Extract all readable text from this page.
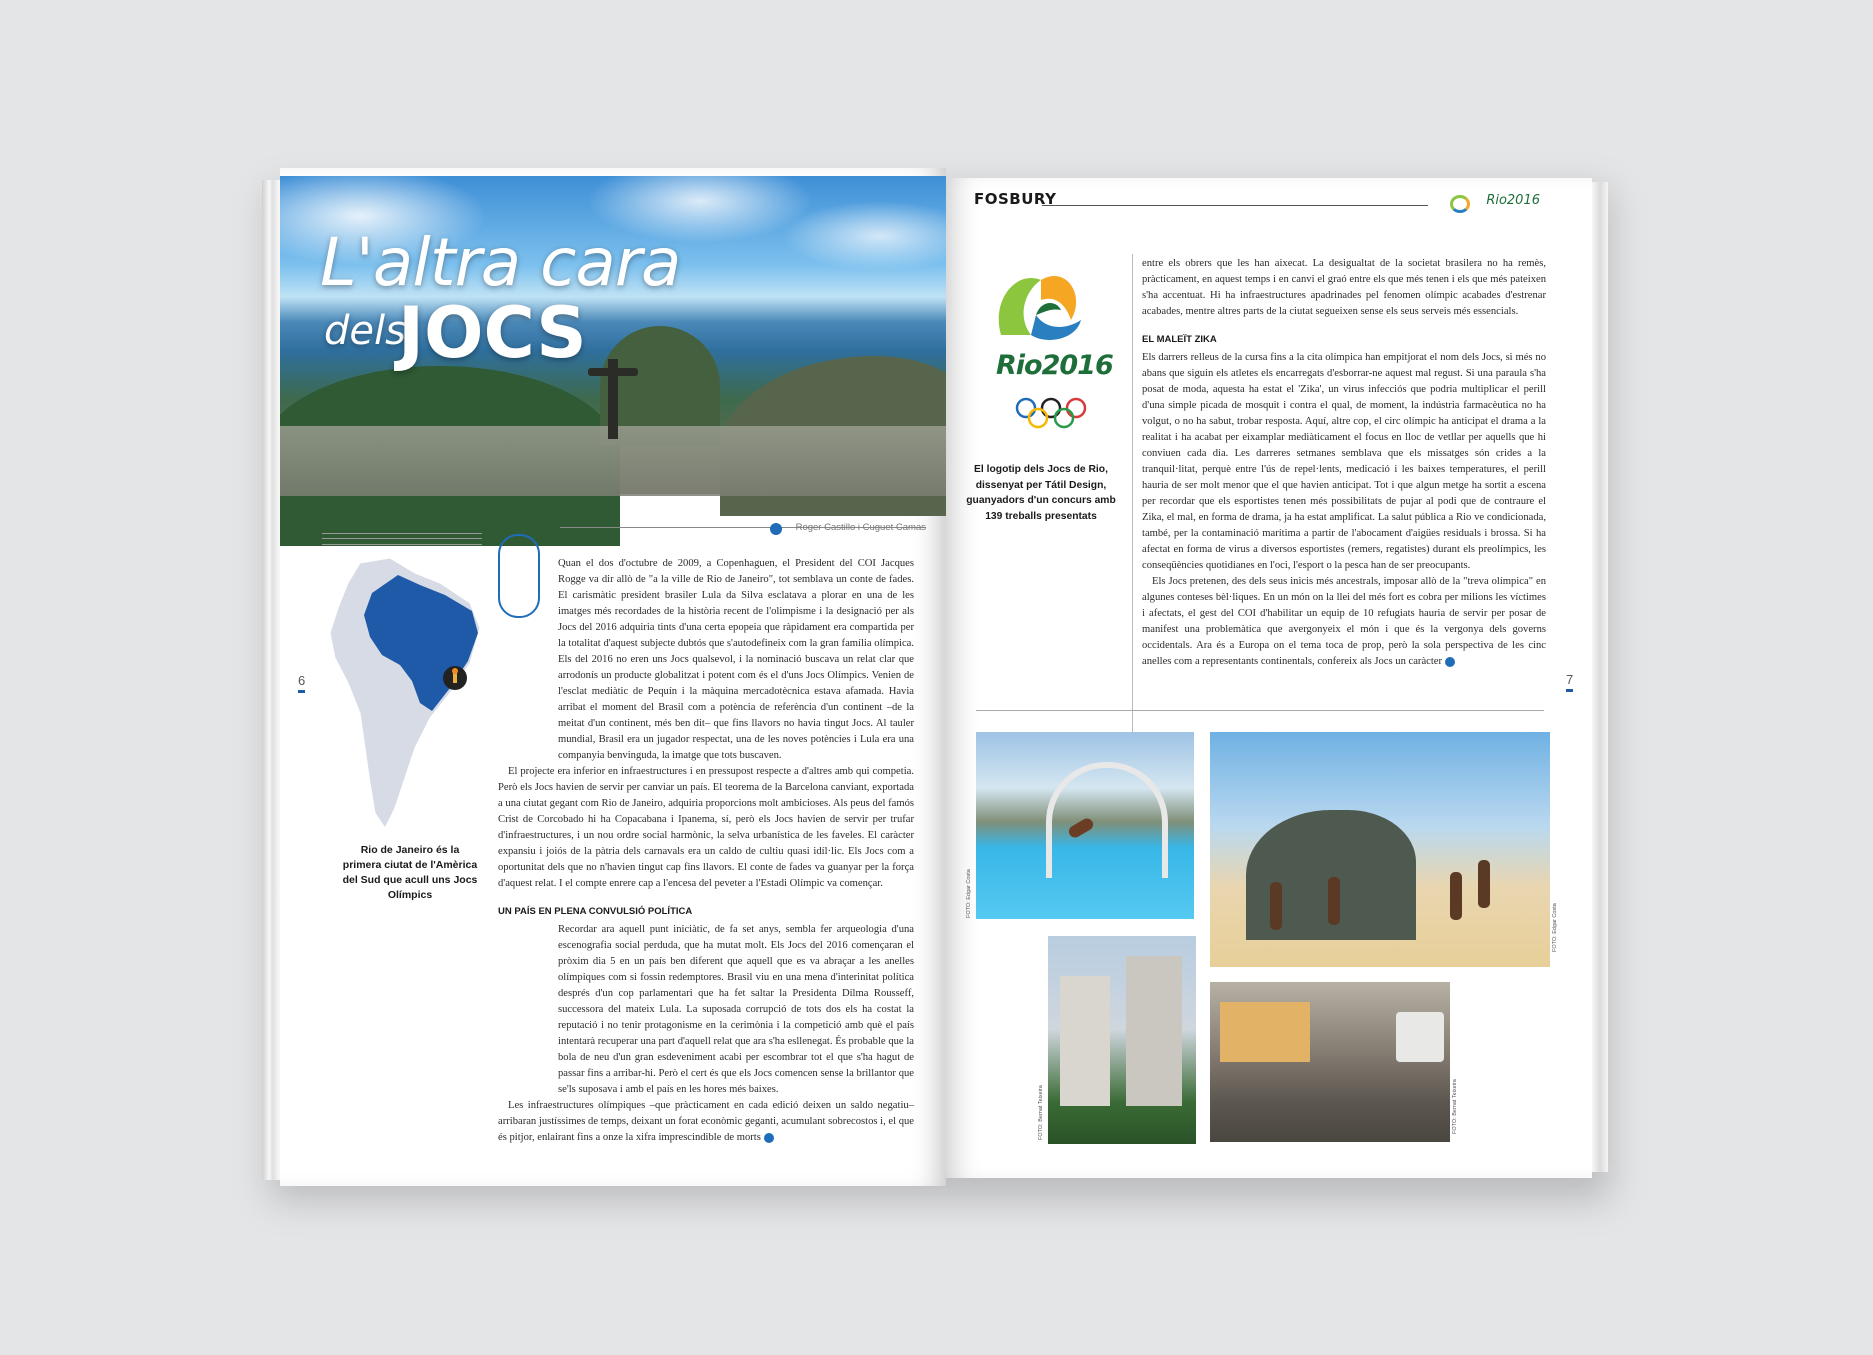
L'altra cara
dels
JOCS
Rio de Janeiro és la primera ciutat de l'Amèrica del Sud que acull uns Jocs Olímpics
6
Roger Castillo i Cuguet Camas

Quan el dos d'octubre de 2009, a Copenhaguen, el President del COI Jacques Rogge va dir allò de "a la ville de Rio de Janeiro", tot semblava un conte de fades. El carismàtic president brasiler Lula da Silva esclatava a plorar en una de les imatges més recordades de la història recent de l'olimpisme i la designació per als Jocs del 2016 adquiria tints d'una certa epopeia que ràpidament era compartida per la totalitat d'aquest subjecte dubtós que s'autodefineix com la gran família olímpica. Els del 2016 no eren uns Jocs qualsevol, i la nominació buscava un relat clar que arrodonís un producte globalitzat i potent com és el d'uns Jocs Olímpics. Venien de l'esclat mediàtic de Pequín i la màquina mercadotècnica estava afamada. Havia arribat el moment del Brasil com a potència de referència d'un continent –de la meitat d'un continent, més ben dit– que fins llavors no havia tingut Jocs. Al tauler mundial, Brasil era un jugador respectat, una de les noves potències i Lula era una companyia benvinguda, la imatge que tots buscaven.

El projecte era inferior en infraestructures i en pressupost respecte a d'altres amb qui competia. Però els Jocs havien de servir per canviar un país. El teorema de la Barcelona canviant, exportada a una ciutat gegant com Rio de Janeiro, adquiria proporcions molt ambicioses. Als peus del famós Crist de Corcobado hi ha Copacabana i Ipanema, sí, però els Jocs havien de servir per trufar d'infraestructures, i un nou ordre social harmònic, la selva urbanística de les faveles. El caràcter expansiu i joiós de la pàtria dels carnavals era un caldo de cultiu quasi idíl·lic. Els Jocs com a oportunitat dels que no n'havien tingut cap fins llavors. El conte de fades va guanyar per la força d'aquest relat. I el compte enrere cap a l'encesa del peveter a l'Estadi Olímpic va començar.

UN PAÍS EN PLENA CONVULSIÓ POLÍTICA

Recordar ara aquell punt iniciàtic, de fa set anys, sembla fer arqueologia d'una escenografia social perduda, que ha mutat molt. Els Jocs del 2016 començaran el pròxim dia 5 en un país ben diferent que aquell que es va abraçar a les anelles olímpiques com si fossin redemptores. Brasil viu en una mena d'interinitat política després d'un cop parlamentari que ha fet saltar la Presidenta Dilma Rousseff, successora del mateix Lula. La suposada corrupció de tots dos els ha costat la reputació i no tenir protagonisme en la cerimònia i la competició amb què el país intentarà recuperar una part d'aquell relat que ara s'ha esllenegat. És probable que la bola de neu d'un gran esdeveniment acabi per escombrar tot el que s'ha hagut de passar fins a arribar-hi. Però el cert és que els Jocs comencen sense la brillantor que se'ls suposava i amb el país en les hores més baixes.

Les infraestructures olímpiques –que pràcticament en cada edició deixen un saldo negatiu– arribaran justíssimes de temps, deixant un forat econòmic geganti, acumulant sobrecostos i, el que és pitjor, enlairant fins a onze la xifra imprescindible de morts ›

FOSBURY	Rio2016
Rio2016
El logotip dels Jocs de Rio, dissenyat per Tátil Design, guanyadors d'un concurs amb 139 treballs presentats

entre els obrers que les han aixecat. La desigualtat de la societat brasilera no ha remès, pràcticament, en aquest temps i en canvi el graó entre els que més tenen i els que més pateixen s'ha accentuat. Hi ha infraestructures apadrinades pel fenomen olímpic acabades d'estrenar acabades, mentre altres parts de la ciutat segueixen sense els seus serveis més essencials.

EL MALEÏT ZIKA

Els darrers relleus de la cursa fins a la cita olímpica han empitjorat el nom dels Jocs, si més no abans que siguin els atletes els encarregats d'esborrar-ne aquest mal regust. Si una paraula s'ha posat de moda, aquesta ha estat el 'Zika', un virus infecciós que podria multiplicar el perill d'una simple picada de mosquit i contra el qual, de moment, la indústria farmacèutica no ha volgut, o no ha sabut, trobar resposta. Aquí, altre cop, el circ olímpic ha anticipat el drama a la realitat i ha acabat per eixamplar mediàticament el focus en lloc de vetllar per aquells que hi conviuen cada dia. Les darreres setmanes semblava que els missatges són crides a la tranquil·litat, perquè entre l'ús de repel·lents, medicació i les baixes temperatures, el perill hauria de ser molt menor que el que havien anticipat. Tot i que algun metge ha sortit a escena per recordar que els esportistes tenen més possibilitats de pujar al podi que de contraure el Zika, el mal, en forma de drama, ja ha estat amplificat. La salut pública a Rio ve condicionada, també, per la contaminació marítima a partir de l'abocament d'aigües residuals i brossa. Si ha afectat en forma de virus a diversos esportistes (remers, regatistes) durant els preolímpics, les conseqüències quotidianes en l'oci, l'esport o la pesca han de ser preocupants.

Els Jocs pretenen, des dels seus inicis més ancestrals, imposar allò de la "treva olímpica" en algunes conteses bèl·liques. En un món on la llei del més fort es cobra per milions les víctimes i afectats, el gest del COI d'habilitar un equip de 10 refugiats hauria de servir per posar de manifest una problemàtica que avergonyeix el món i que és la vergonya dels governs occidentals. Ara és a Europa on el tema toca de prop, però la sola perspectiva de les cinc anelles com a representants continentals, confereix als Jocs un caràcter ›

7
FOTO: Edgar Costa
FOTO: Edgar Costa
FOTO: Bernat Teixeira	FOTO: Bernat Teixeira
